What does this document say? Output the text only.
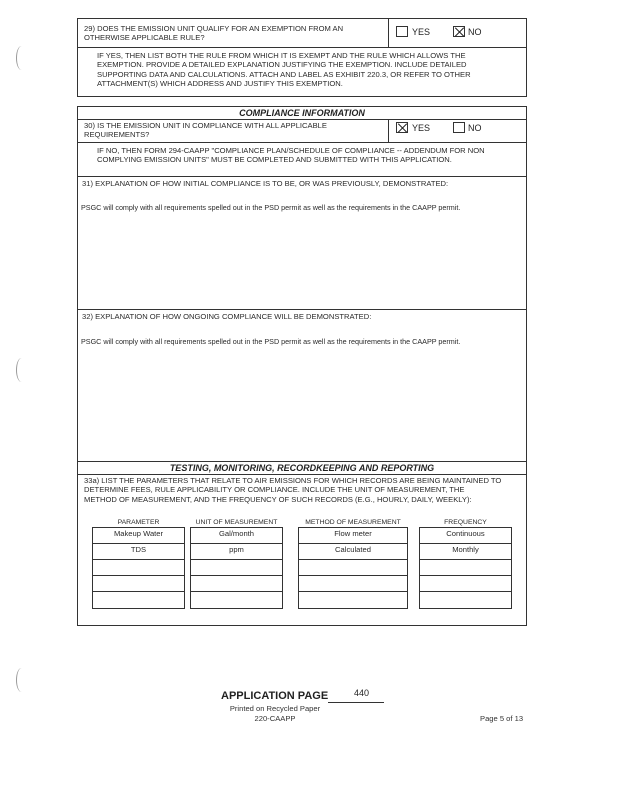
29) DOES THE EMISSION UNIT QUALIFY FOR AN EXEMPTION FROM AN
OTHERWISE APPLICABLE RULE?
YES	NO
IF YES, THEN LIST BOTH THE RULE FROM WHICH IT IS EXEMPT AND THE RULE WHICH ALLOWS THE
EXEMPTION. PROVIDE A DETAILED EXPLANATION JUSTIFYING THE EXEMPTION. INCLUDE DETAILED
SUPPORTING DATA AND CALCULATIONS. ATTACH AND LABEL AS EXHIBIT 220.3, OR REFER TO OTHER
ATTACHMENT(S) WHICH ADDRESS AND JUSTIFY THIS EXEMPTION.
COMPLIANCE INFORMATION
30) IS THE EMISSION UNIT IN COMPLIANCE WITH ALL APPLICABLE
REQUIREMENTS?
YES	NO
IF NO, THEN FORM 294-CAAPP "COMPLIANCE PLAN/SCHEDULE OF COMPLIANCE -- ADDENDUM FOR NON
COMPLYING EMISSION UNITS" MUST BE COMPLETED AND SUBMITTED WITH THIS APPLICATION.
31) EXPLANATION OF HOW INITIAL COMPLIANCE IS TO BE, OR WAS PREVIOUSLY, DEMONSTRATED:
PSGC will comply with all requirements spelled out in the PSD permit as well as the requirements in the CAAPP permit.
32) EXPLANATION OF HOW ONGOING COMPLIANCE WILL BE DEMONSTRATED:
PSGC will comply with all requirements spelled out in the PSD permit as well as the requirements in the CAAPP permit.
TESTING, MONITORING, RECORDKEEPING AND REPORTING
33a) LIST THE PARAMETERS THAT RELATE TO AIR EMISSIONS FOR WHICH RECORDS ARE BEING MAINTAINED TO
DETERMINE FEES, RULE APPLICABILITY OR COMPLIANCE. INCLUDE THE UNIT OF MEASUREMENT, THE
METHOD OF MEASUREMENT, AND THE FREQUENCY OF SUCH RECORDS (E.G., HOURLY, DAILY, WEEKLY):
PARAMETER	UNIT OF MEASUREMENT	METHOD OF MEASUREMENT	FREQUENCY
Makeup Water	Gal/month	Flow meter	Continuous
TDS	ppm	Calculated	Monthly
APPLICATION PAGE	440
Printed on Recycled Paper
220-CAAPP	Page 5 of 13
